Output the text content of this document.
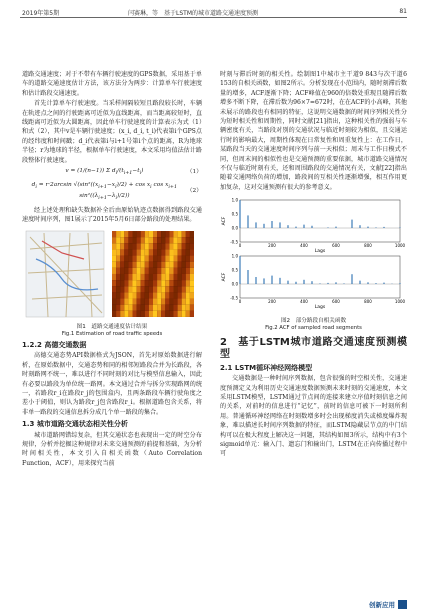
2019年第5期	闫赛琳，等　基于LSTM的城市道路交通速度预测	81

道路交通速度；对于不带有车辆行驶速度的GPS数据，采用基于单车的道路交通速度估计方法，该方法分为两步：计算单车行驶速度和估计路段交通速度。

首先计算单车行驶速度。当采样间隔较短且路段较长时，车辆在轨迹点之间的行驶距离可近似为直线距离，而当距离较短时，直线距离可近似为大圆距离，因此单车行驶速度的计算表示为式（1）和式（2），其中v是车辆行驶速度；(x_i, d_i, t_i)代表第i个GPS点的经纬度和时间戳；d_i代表第i与i+1号第i个点的距离，R为地球半径；r为地球的半径，根据单车行驶速度，本文采用均值法估计路段整体行驶速度。

v = (1/(n−1)) Σ $d_i/(t_{i+1}-t_i)$	（1）
$d_i = r\cdot 2\arcsin$ $√(\sin^2((x_{i+1}-x_i)/2) + \cos x_i$ $\cos x_{i+1}$ $\sin^2((\lambda_{i+1}-\lambda_i)/2)$)
（2）

经上述处理和缺失数据补全后由原始轨迹点数据得到路段交通速度时间序列，图1展示了2015年5月6日部分路段的处理结果。

图1　道路交通速度估计结果
Fig.1 Estimation of road traffic speeds
1.2.2 高德交通数据

高德交通态势API数据格式为JSON，首先对原始数据进行解析，在原始数据中，交通态势和同的相邻短路段合并为长路段，各时刻路网不统一，难以进行不同时刻的对比与模型信息输入，因此有必要以路段为单位统一路网。本文通过合并与拆分实现路网的统一，若路段r_i在路段r_j的包围盒内，且两条路段车辆行驶角度之差小于阈值，则认为路段r_j包含路段r_i。根据道路包含关系，将非单一路段的交通信息拆分成几个单一路段的集合。

1.3 城市道路交通状态相关性分析

城市道路网错综复杂，但其交通状态也表现出一定的时空分布规律，分析并挖掘这种规律对未来交通预测的前提和基础，为分析时间相关性，本文引入自相关函数（Auto Correlation Function，ACF），用来探究当前

时刻与滞后时刻的相关性。绘制图1中城市主干道9 843与次干道6 153的自相关函数，如图2所示。分析发现在小范围内，随时刻滞后数量的增多，ACF逐渐下降；ACF峰值在960的倍数处重现且随滞后数增多不断下降，在滞后数为96×7=672时，在在ACF的小高峰，其他未展示的路段也有相同的特征，这说明交通数据的时间序列相关性分为短时相关性和周期性，同时文献[21]指出，这种相关性的强弱与车辆密度有关，当路段对别的交通状况与临近时刻较为相似，且交通运行时的影响最大，周期性体现在日常复性和周重复性上：在工作日，某路段当天的交通速度时间序列与前一天相似；周末与工作日模式不同，但周末间的相似性也是交通预测的重要依据，城市道路交通情况不仅与临近时刻有关，还和周围路段的交通情况有关，文献[22]指出随着交通网络负荷的增加，路段间的互相关性逐渐增强，相互作用更加复杂，这对交通预测有很大的参考意义。

-0.5
0.0
0.5
1.0
0	200	400	600	800	1000
Lags
ACF
-0.5
0.0
0.5
1.0
0	200	400	600	800	1000
Lags
ACF
图2　部分路段自相关函数
Fig.2 ACF of sampled road segments
2　基于LSTM城市道路交通速度预测模型
2.1 LSTM循环神经网络模型

交通数据是一种时间序列数据，包含很强的时空相关性，交通速度预测定义为利用历史交通速度数据预测未来时刻的交通速度，本文采用LSTM模型，LSTM通过节点间的连接来建立序值时刻信息之间的关系，对前时的信息进行“记忆”，前时的信息可被下一时刻所利用。普通循环神经网络在时刻数增多时会出现梯度消失或梯度爆炸现象，难以描述长时间序列数据的特征，而LSTM隐藏层节点的中门结构可以在极大程度上解决这一问题，其结构如图3所示，结构中有3个sigmoid单元：输入门、遗忘门和输出门，LSTM在正向传播过程中可

创新应用
